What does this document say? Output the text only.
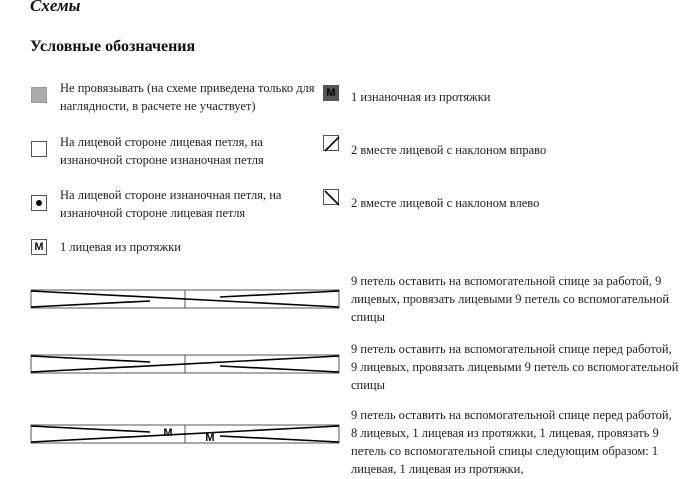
Схемы
Условные обозначения
Не провязывать (на схеме приведена только для наглядности, в расчете не участвует)
На лицевой стороне лицевая петля, на изнаночной стороне изнаночная петля
На лицевой стороне изнаночная петля, на изнаночной стороне лицевая петля
M 1 лицевая из протяжки
M 1 изнаночная из протяжки
2 вместе лицевой с наклоном вправо
2 вместе лицевой с наклоном влево
9 петель оставить на вспомогательной спице за работой, 9 лицевых, провязать лицевыми 9 петель со вспомогательной спицы
9 петель оставить на вспомогательной спице перед работой, 9 лицевых, провязать лицевыми 9 петель со вспомогательной спицы
M	M
9 петель оставить на вспомогательной спице перед работой, 8 лицевых, 1 лицевая из протяжки, 1 лицевая, провязать 9 петель со вспомогательной спицы следующим образом: 1 лицевая, 1 лицевая из протяжки,
